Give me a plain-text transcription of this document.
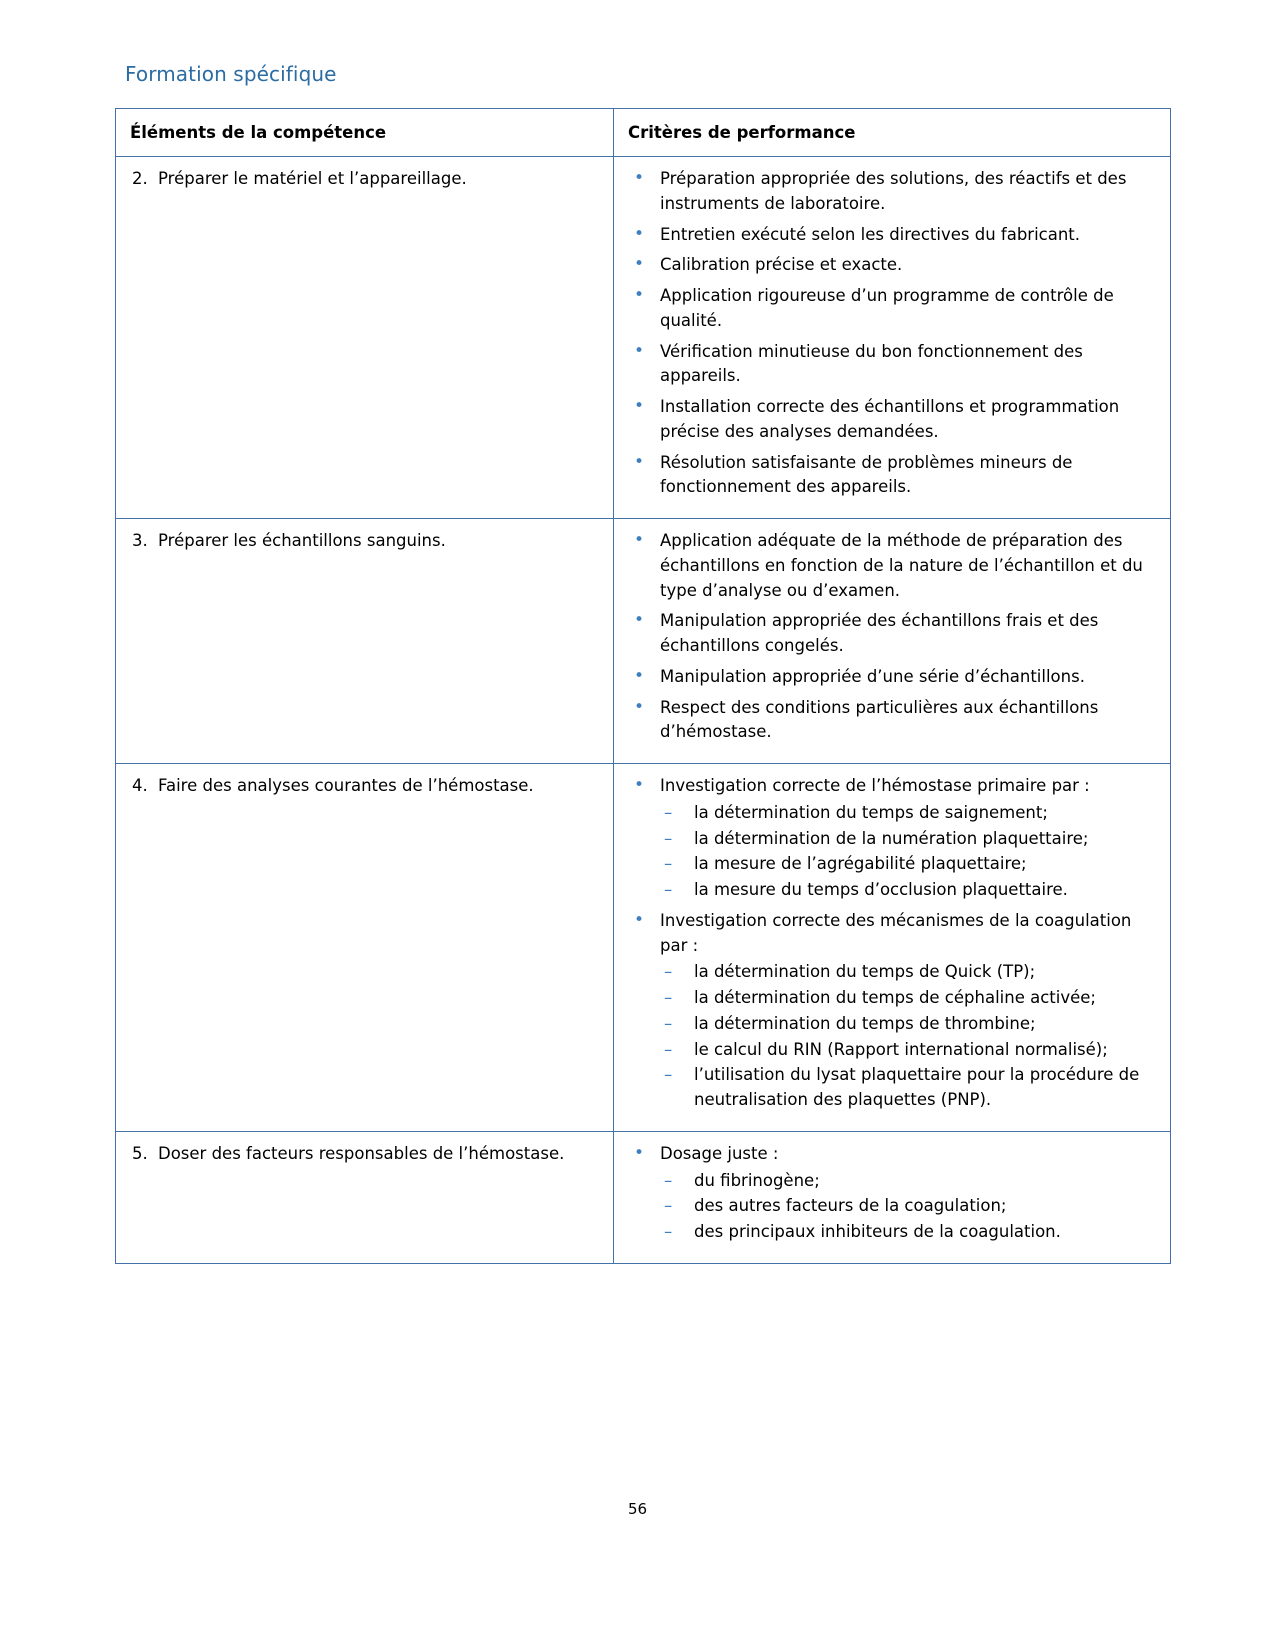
Formation spécifique
Éléments de la compétence	Critères de performance

2. Préparer le matériel et l’appareillage.

•Préparation appropriée des solutions, des réactifs et des instruments de laboratoire.
• Entretien exécuté selon les directives du fabricant.
• Calibration précise et exacte.
• Application rigoureuse d’un programme de contrôle de qualité.
• Vérification minutieuse du bon fonctionnement des appareils.
• Installation correcte des échantillons et programmation précise des analyses demandées.
• Résolution satisfaisante de problèmes mineurs de fonctionnement des appareils.

3. Préparer les échantillons sanguins.

•Application adéquate de la méthode de préparation des échantillons en fonction de la nature de l’échantillon et du type d’analyse ou d’examen.
• Manipulation appropriée des échantillons frais et des échantillons congelés.
• Manipulation appropriée d’une série d’échantillons.
• Respect des conditions particulières aux échantillons d’hémostase.

4. Faire des analyses courantes de l’hémostase.

•Investigation correcte de l’hémostase primaire par :
– la détermination du temps de saignement;
– la détermination de la numération plaquettaire;
– la mesure de l’agrégabilité plaquettaire;
– la mesure du temps d’occlusion plaquettaire.
• Investigation correcte des mécanismes de la coagulation par :
– la détermination du temps de Quick (TP);
– la détermination du temps de céphaline activée;
– la détermination du temps de thrombine;
– le calcul du RIN (Rapport international normalisé);
– l’utilisation du lysat plaquettaire pour la procédure de neutralisation des plaquettes (PNP).

5. Doser des facteurs responsables de l’hémostase.

•Dosage juste :
– du fibrinogène;
– des autres facteurs de la coagulation;
– des principaux inhibiteurs de la coagulation.
56
